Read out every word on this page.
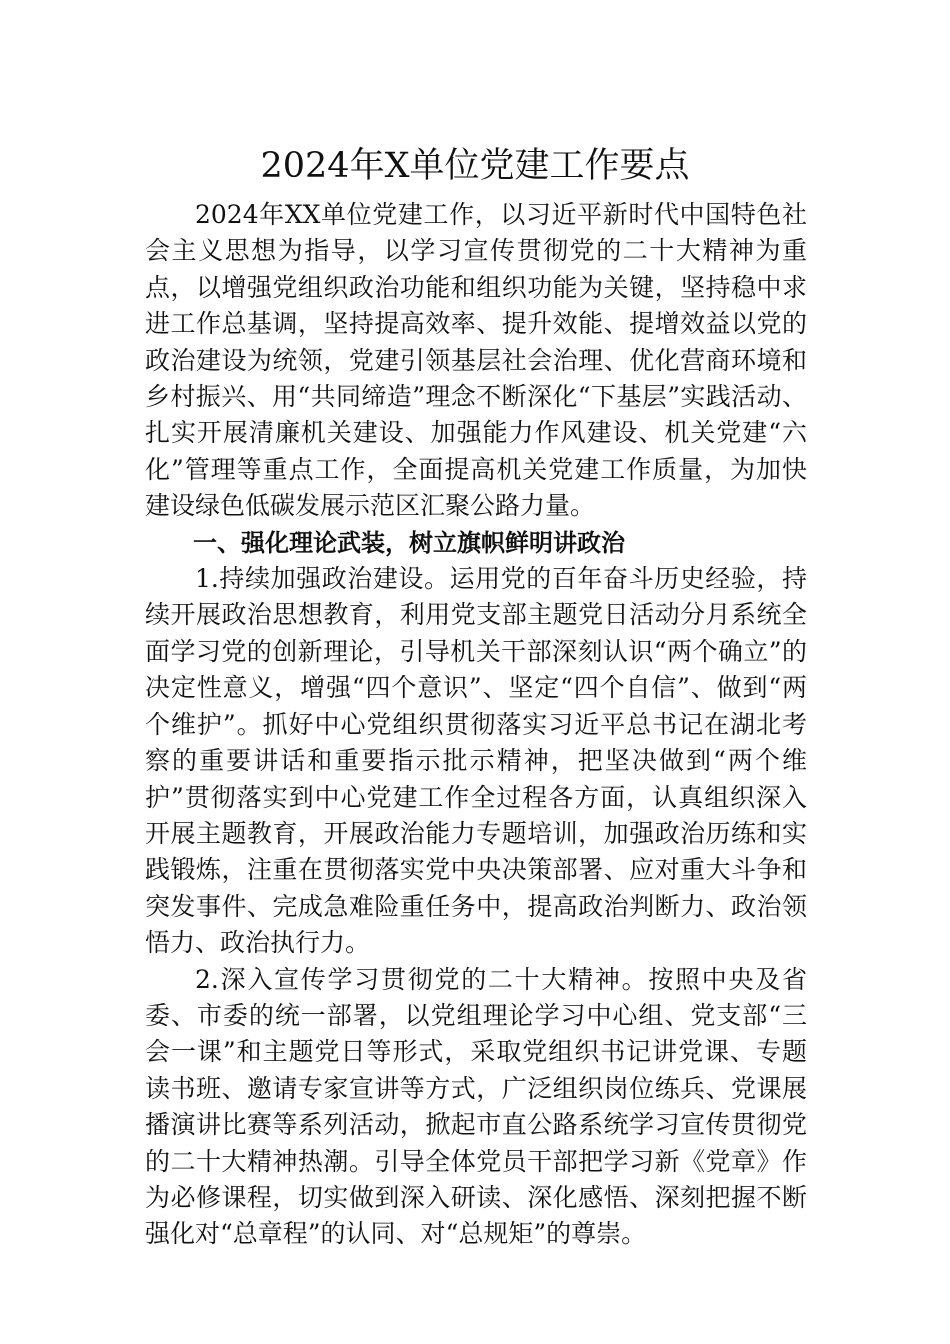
2024年X单位党建工作要点

2024年XX单位党建工作，以习近平新时代中国特色社会主义思想为指导，以学习宣传贯彻党的二十大精神为重点，以增强党组织政治功能和组织功能为关键，坚持稳中求进工作总基调，坚持提高效率、提升效能、提增效益以党的政治建设为统领，党建引领基层社会治理、优化营商环境和乡村振兴、用“共同缔造”理念不断深化“下基层”实践活动、扎实开展清廉机关建设、加强能力作风建设、机关党建“六化”管理等重点工作，全面提高机关党建工作质量，为加快建设绿色低碳发展示范区汇聚公路力量。

一、强化理论武装，树立旗帜鲜明讲政治

1.持续加强政治建设。运用党的百年奋斗历史经验，持续开展政治思想教育，利用党支部主题党日活动分月系统全面学习党的创新理论，引导机关干部深刻认识“两个确立”的决定性意义，增强“四个意识”、坚定“四个自信”、做到“两个维护”。抓好中心党组织贯彻落实习近平总书记在湖北考察的重要讲话和重要指示批示精神，把坚决做到“两个维护”贯彻落实到中心党建工作全过程各方面，认真组织深入开展主题教育，开展政治能力专题培训，加强政治历练和实践锻炼，注重在贯彻落实党中央决策部署、应对重大斗争和突发事件、完成急难险重任务中，提高政治判断力、政治领悟力、政治执行力。

2.深入宣传学习贯彻党的二十大精神。按照中央及省委、市委的统一部署，以党组理论学习中心组、党支部“三会一课”和主题党日等形式，采取党组织书记讲党课、专题读书班、邀请专家宣讲等方式，广泛组织岗位练兵、党课展播演讲比赛等系列活动，掀起市直公路系统学习宣传贯彻党的二十大精神热潮。引导全体党员干部把学习新《党章》作为必修课程，切实做到深入研读、深化感悟、深刻把握不断强化对“总章程”的认同、对“总规矩”的尊崇。
